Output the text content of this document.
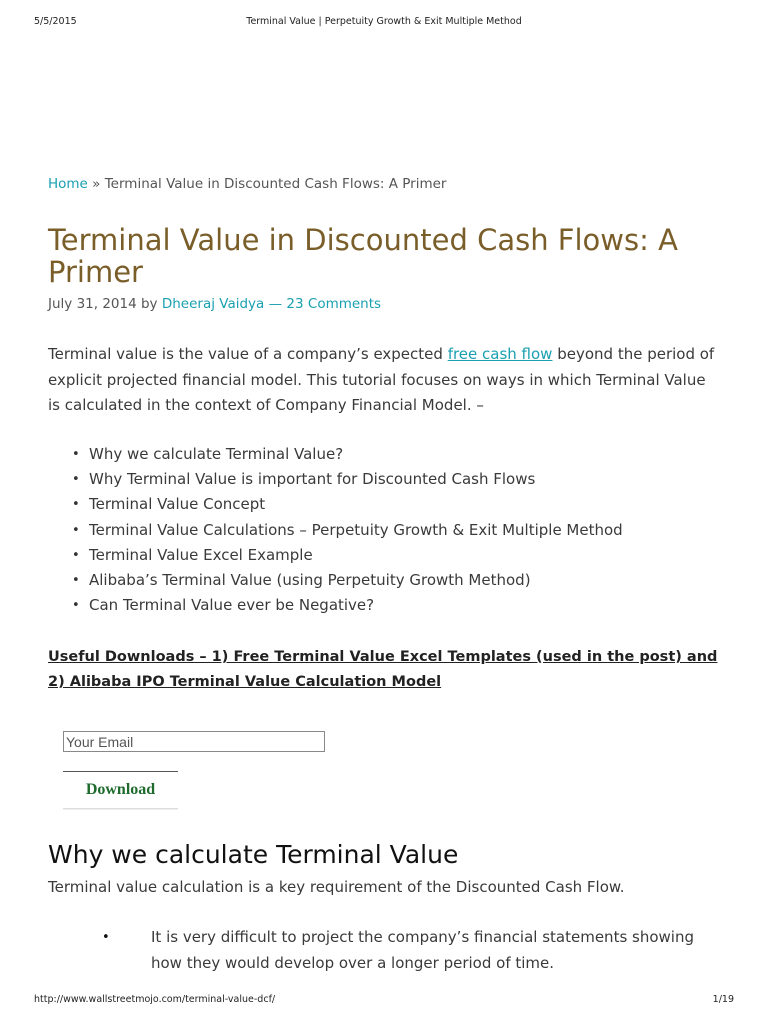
5/5/2015	Terminal Value | Perpetuity Growth & Exit Multiple Method
Home » Terminal Value in Discounted Cash Flows: A Primer
Terminal Value in Discounted Cash Flows: A Primer
July 31, 2014 by Dheeraj Vaidya — 23 Comments

Terminal value is the value of a company’s expected free cash flow beyond the period of explicit projected financial model. This tutorial focuses on ways in which Terminal Value is calculated in the context of Company Financial Model. –

• Why we calculate Terminal Value?
• Why Terminal Value is important for Discounted Cash Flows
• Terminal Value Concept
• Terminal Value Calculations – Perpetuity Growth & Exit Multiple Method
• Terminal Value Excel Example
• Alibaba’s Terminal Value (using Perpetuity Growth Method)
• Can Terminal Value ever be Negative?

Useful Downloads – 1) Free Terminal Value Excel Templates (used in the post) and 2) Alibaba IPO Terminal Value Calculation Model

Your Email
Download
Why we calculate Terminal Value

Terminal value calculation is a key requirement of the Discounted Cash Flow.

•	It is very difficult to project the company’s financial statements showing how they would develop over a longer period of time.
http://www.wallstreetmojo.com/terminal-value-dcf/	1/19
